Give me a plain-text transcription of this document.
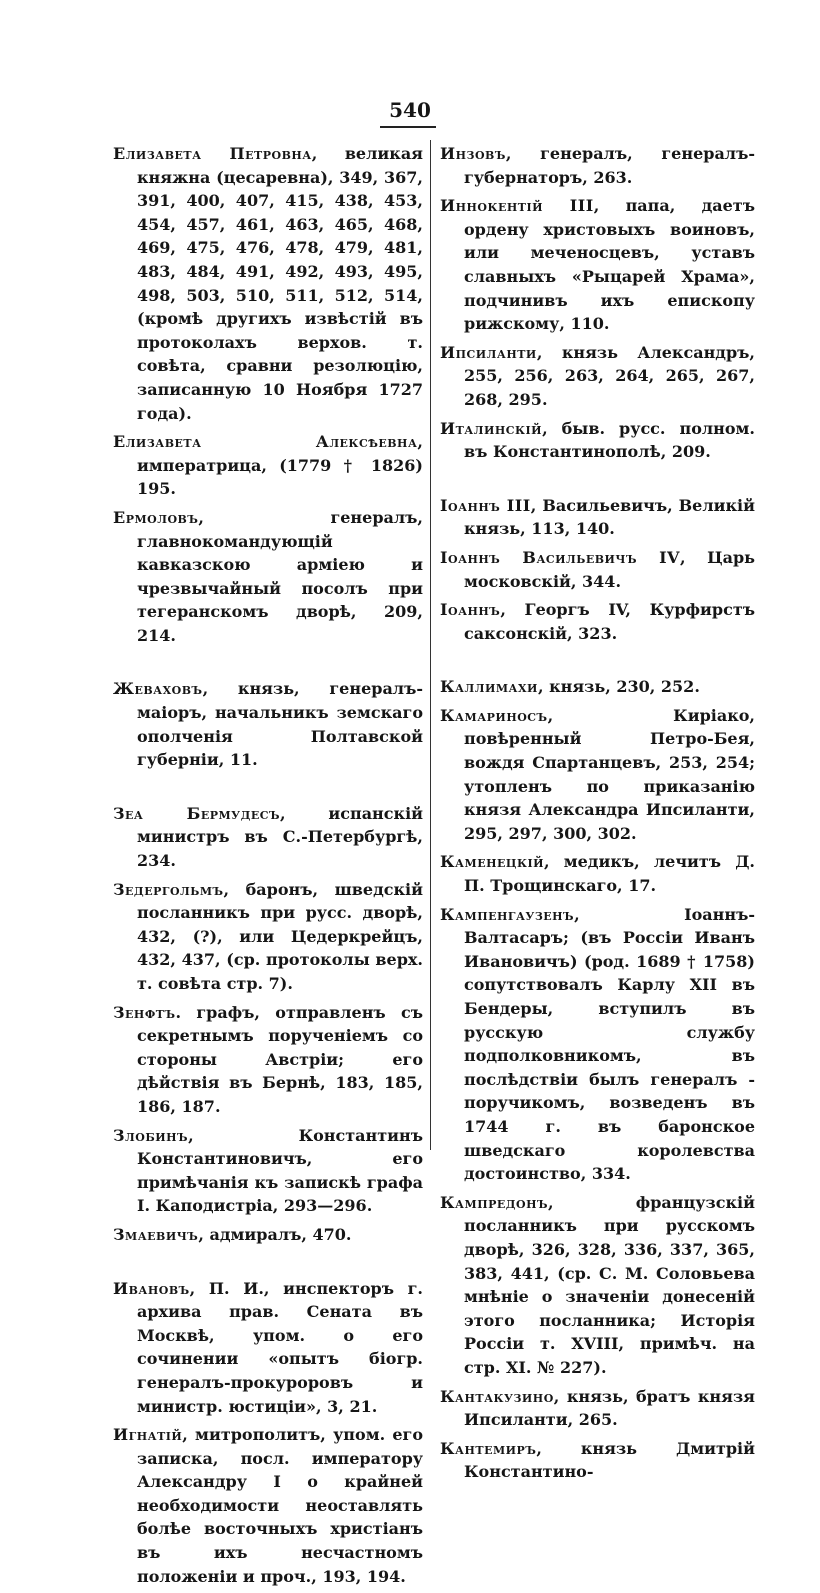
540

Елизавета Петровна, великая княжна (цесаревна), 349, 367, 391, 400, 407, 415, 438, 453, 454, 457, 461, 463, 465, 468, 469, 475, 476, 478, 479, 481, 483, 484, 491, 492, 493, 495, 498, 503, 510, 511, 512, 514, (кромѣ другихъ извѣстій въ протоколахъ верхов. т. совѣта, сравни резолюцію, записанную 10 Ноября 1727 года).

Елизавета Алексѣевна, императрица, (1779 † 1826) 195.

Ермоловъ, генералъ, главнокомандующій кавказскою арміею и чрезвычайный посолъ при тегеранскомъ дворѣ, 209, 214.

Жеваховъ, князь, генералъ-маіоръ, начальникъ земскаго ополченія Полтавской губерніи, 11.

Зеа Бермудесъ, испанскій министръ въ С.-Петербургѣ, 234.

Зедергольмъ, баронъ, шведскій посланникъ при русс. дворѣ, 432, (?), или Цедеркрейцъ, 432, 437, (ср. протоколы верх. т. совѣта стр. 7).

Зенфтъ. графъ, отправленъ съ секретнымъ порученіемъ со стороны Австріи; его дѣйствія въ Бернѣ, 183, 185, 186, 187.

Злобинъ, Константинъ Константиновичъ, его примѣчанія къ запискѣ графа І. Каподистріа, 293—296.

Змаевичъ, адмиралъ, 470.

Ивановъ, П. И., инспекторъ г. архива прав. Сената въ Москвѣ, упом. о его сочинении «опытъ біогр. генералъ-прокуроровъ и министр. юстиціи», 3, 21.

Игнатій, митрополитъ, упом. его записка, посл. императору Александру I о крайней необходимости неоставлять болѣе восточныхъ христіанъ въ ихъ несчастномъ положеніи и проч., 193, 194.

Инзовъ, генералъ, генералъ-губернаторъ, 263.

Иннокентій III, папа, даетъ ордену христовыхъ воиновъ, или меченосцевъ, уставъ славныхъ «Рыцарей Храма», подчинивъ ихъ епископу рижскому, 110.

Ипсиланти, князь Александръ, 255, 256, 263, 264, 265, 267, 268, 295.

Италинскій, быв. русс. полном. въ Константинополѣ, 209.

Іоаннъ III, Васильевичъ, Великій князь, 113, 140.

Іоаннъ Васильевичъ IV, Царь московскій, 344.

Іоаннъ, Георгъ IV, Курфирстъ саксонскій, 323.

Каллимахи, князь, 230, 252.

Камариносъ, Киріако, повѣренный Петро-Бея, вождя Спартанцевъ, 253, 254; утопленъ по приказанію князя Александра Ипсиланти, 295, 297, 300, 302.

Каменецкій, медикъ, лечитъ Д. П. Трощинскаго, 17.

Кампенгаузенъ, Іоаннъ-Валтасаръ; (въ Россіи Иванъ Ивановичъ) (род. 1689 † 1758) сопутствовалъ Карлу XII въ Бендеры, вступилъ въ русскую службу подполковникомъ, въ послѣдствіи былъ генералъ - поручикомъ, возведенъ въ 1744 г. въ баронское шведскаго королевства достоинство, 334.

Кампредонъ, французскій посланникъ при русскомъ дворѣ, 326, 328, 336, 337, 365, 383, 441, (ср. С. М. Соловьева мнѣніе о значеніи донесеній этого посланника; Исторія Россіи т. XVIII, примѣч. на стр. XI. № 227).

Кантакузино, князь, братъ князя Ипсиланти, 265.

Кантемиръ, князь Дмитрій Константино-
